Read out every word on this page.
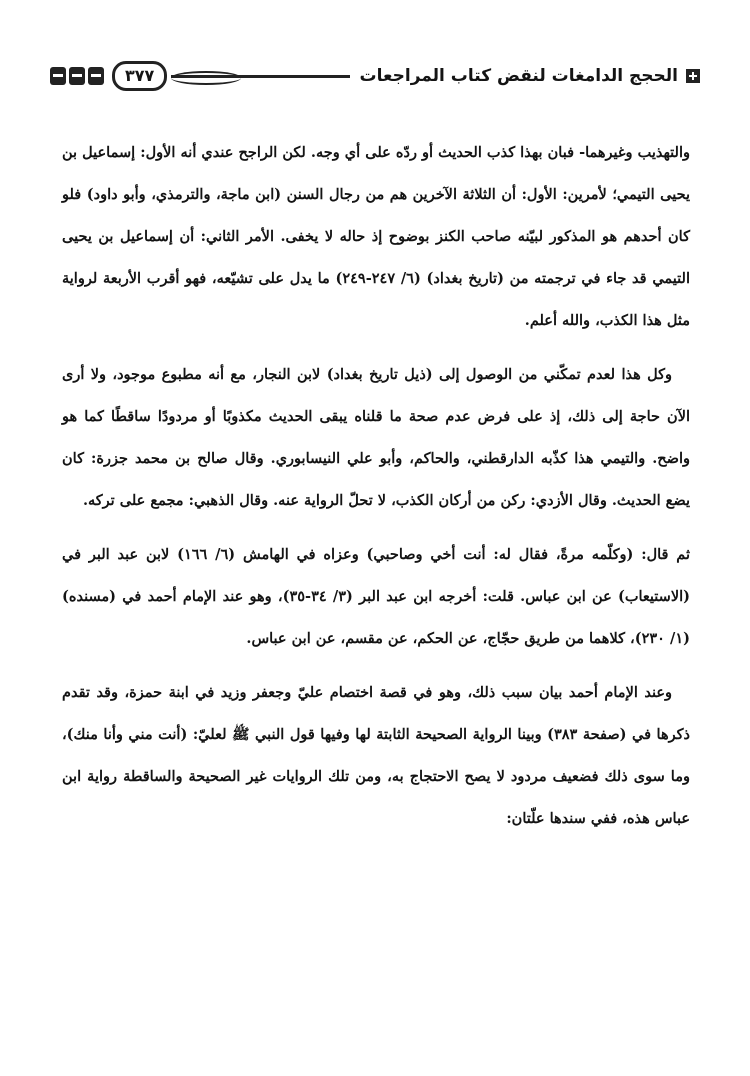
الحجج الدامغات لنقض كتاب المراجعات
٣٧٧

والتهذيب وغيرهما- فبان بهذا كذب الحديث أو ردّه على أي وجه. لكن الراجح عندي أنه الأول: إسماعيل بن يحيى التيمي؛ لأمرين: الأول: أن الثلاثة الآخرين هم من رجال السنن (ابن ماجة، والترمذي، وأبو داود) فلو كان أحدهم هو المذكور لبيّنه صاحب الكنز بوضوح إذ حاله لا يخفى. الأمر الثاني: أن إسماعيل بن يحيى التيمي قد جاء في ترجمته من (تاريخ بغداد) (٦/ ٢٤٧-٢٤٩) ما يدل على تشيّعه، فهو أقرب الأربعة لرواية مثل هذا الكذب، والله أعلم.

وكل هذا لعدم تمكّني من الوصول إلى (ذيل تاريخ بغداد) لابن النجار، مع أنه مطبوع موجود، ولا أرى الآن حاجة إلى ذلك، إذ على فرض عدم صحة ما قلناه يبقى الحديث مكذوبًا أو مردودًا ساقطًا كما هو واضح. والتيمي هذا كذّبه الدارقطني، والحاكم، وأبو علي النيسابوري. وقال صالح بن محمد جزرة: كان يضع الحديث. وقال الأزدي: ركن من أركان الكذب، لا تحلّ الرواية عنه. وقال الذهبي: مجمع على تركه.

ثم قال: (وكلّمه مرةً، فقال له: أنت أخي وصاحبي) وعزاه في الهامش (٦/ ١٦٦) لابن عبد البر في (الاستيعاب) عن ابن عباس. قلت: أخرجه ابن عبد البر (٣/ ٣٤-٣٥)، وهو عند الإمام أحمد في (مسنده) (١/ ٢٣٠)، كلاهما من طريق حجّاج، عن الحكم، عن مقسم، عن ابن عباس.

وعند الإمام أحمد بيان سبب ذلك، وهو في قصة اختصام عليّ وجعفر وزيد في ابنة حمزة، وقد تقدم ذكرها في (صفحة ٣٨٣) وبينا الرواية الصحيحة الثابتة لها وفيها قول النبي ﷺ لعليّ: (أنت مني وأنا منك)، وما سوى ذلك فضعيف مردود لا يصح الاحتجاج به، ومن تلك الروايات غير الصحيحة والساقطة رواية ابن عباس هذه، ففي سندها علّتان:
